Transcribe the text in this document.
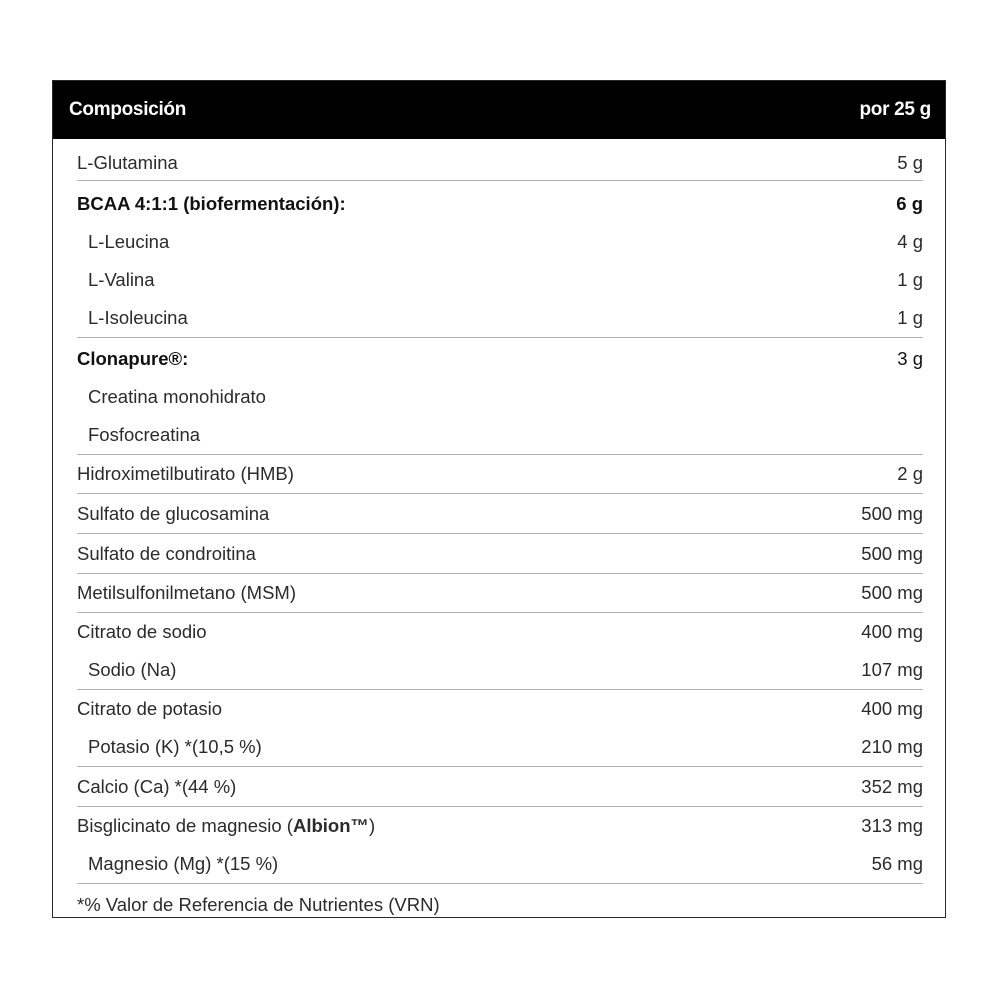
Composición	por 25 g
L-Glutamina	5 g
BCAA 4:1:1 (biofermentación):	6 g
L-Leucina	4 g
L-Valina	1 g
L-Isoleucina	1 g
Clonapure®:	3 g
Creatina monohidrato
Fosfocreatina
Hidroximetilbutirato (HMB)	2 g
Sulfato de glucosamina	500 mg
Sulfato de condroitina	500 mg
Metilsulfonilmetano (MSM)	500 mg
Citrato de sodio	400 mg
Sodio (Na)	107 mg
Citrato de potasio	400 mg
Potasio (K) *(10,5 %)	210 mg
Calcio (Ca) *(44 %)	352 mg
Bisglicinato de magnesio (Albion™)	313 mg
Magnesio (Mg) *(15 %)	56 mg
*% Valor de Referencia de Nutrientes (VRN)
